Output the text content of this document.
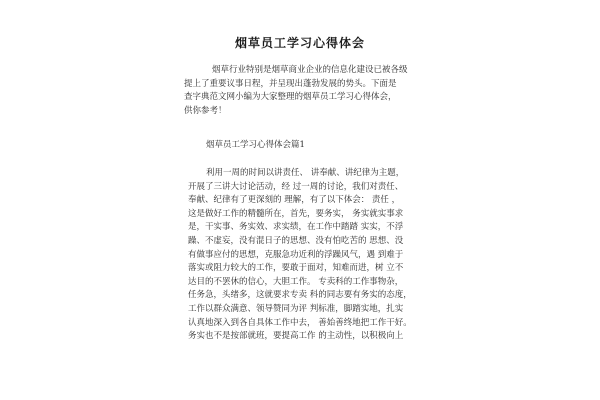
烟草员工学习心得体会
烟草行业特别是烟草商业企业的信息化建设已被各级
提上了重要议事日程，并呈现出蓬勃发展的势头。下面是
查字典范文网小编为大家整理的烟草员工学习心得体会，
供你参考！
烟草员工学习心得体会篇1
利用一周的时间以讲责任、 讲奉献、讲纪律为主题，
开展了三讲大讨论活动，经 过一周的讨论，我们对责任、
奉献、纪律有了更深刻的 理解，有了以下体会： 责任 ，
这是做好工作的精髓所在，首先，要务实， 务实就实事求
是，干实事、务实效、求实绩，在工作中踏踏 实实，不浮
躁、不虚妄，没有混日子的思想、没有怕吃苦的 思想、没
有做事应付的思想，克服急功近利的浮躁风气，遇 到难于
落实或阻力较大的工作，要敢于面对，知难而进，树 立不
达目的不罢休的信心，大胆工作。 专卖科的工作事物杂，
任务急，头绪多，这就要求专卖 科的同志要有务实的态度，
工作以群众满意、领导赞同为评 判标准，脚踏实地，扎实
认真地深入到各自具体工作中去， 善始善终地把工作干好。
务实也不是按部就班，要提高工作 的主动性，以积极向上
